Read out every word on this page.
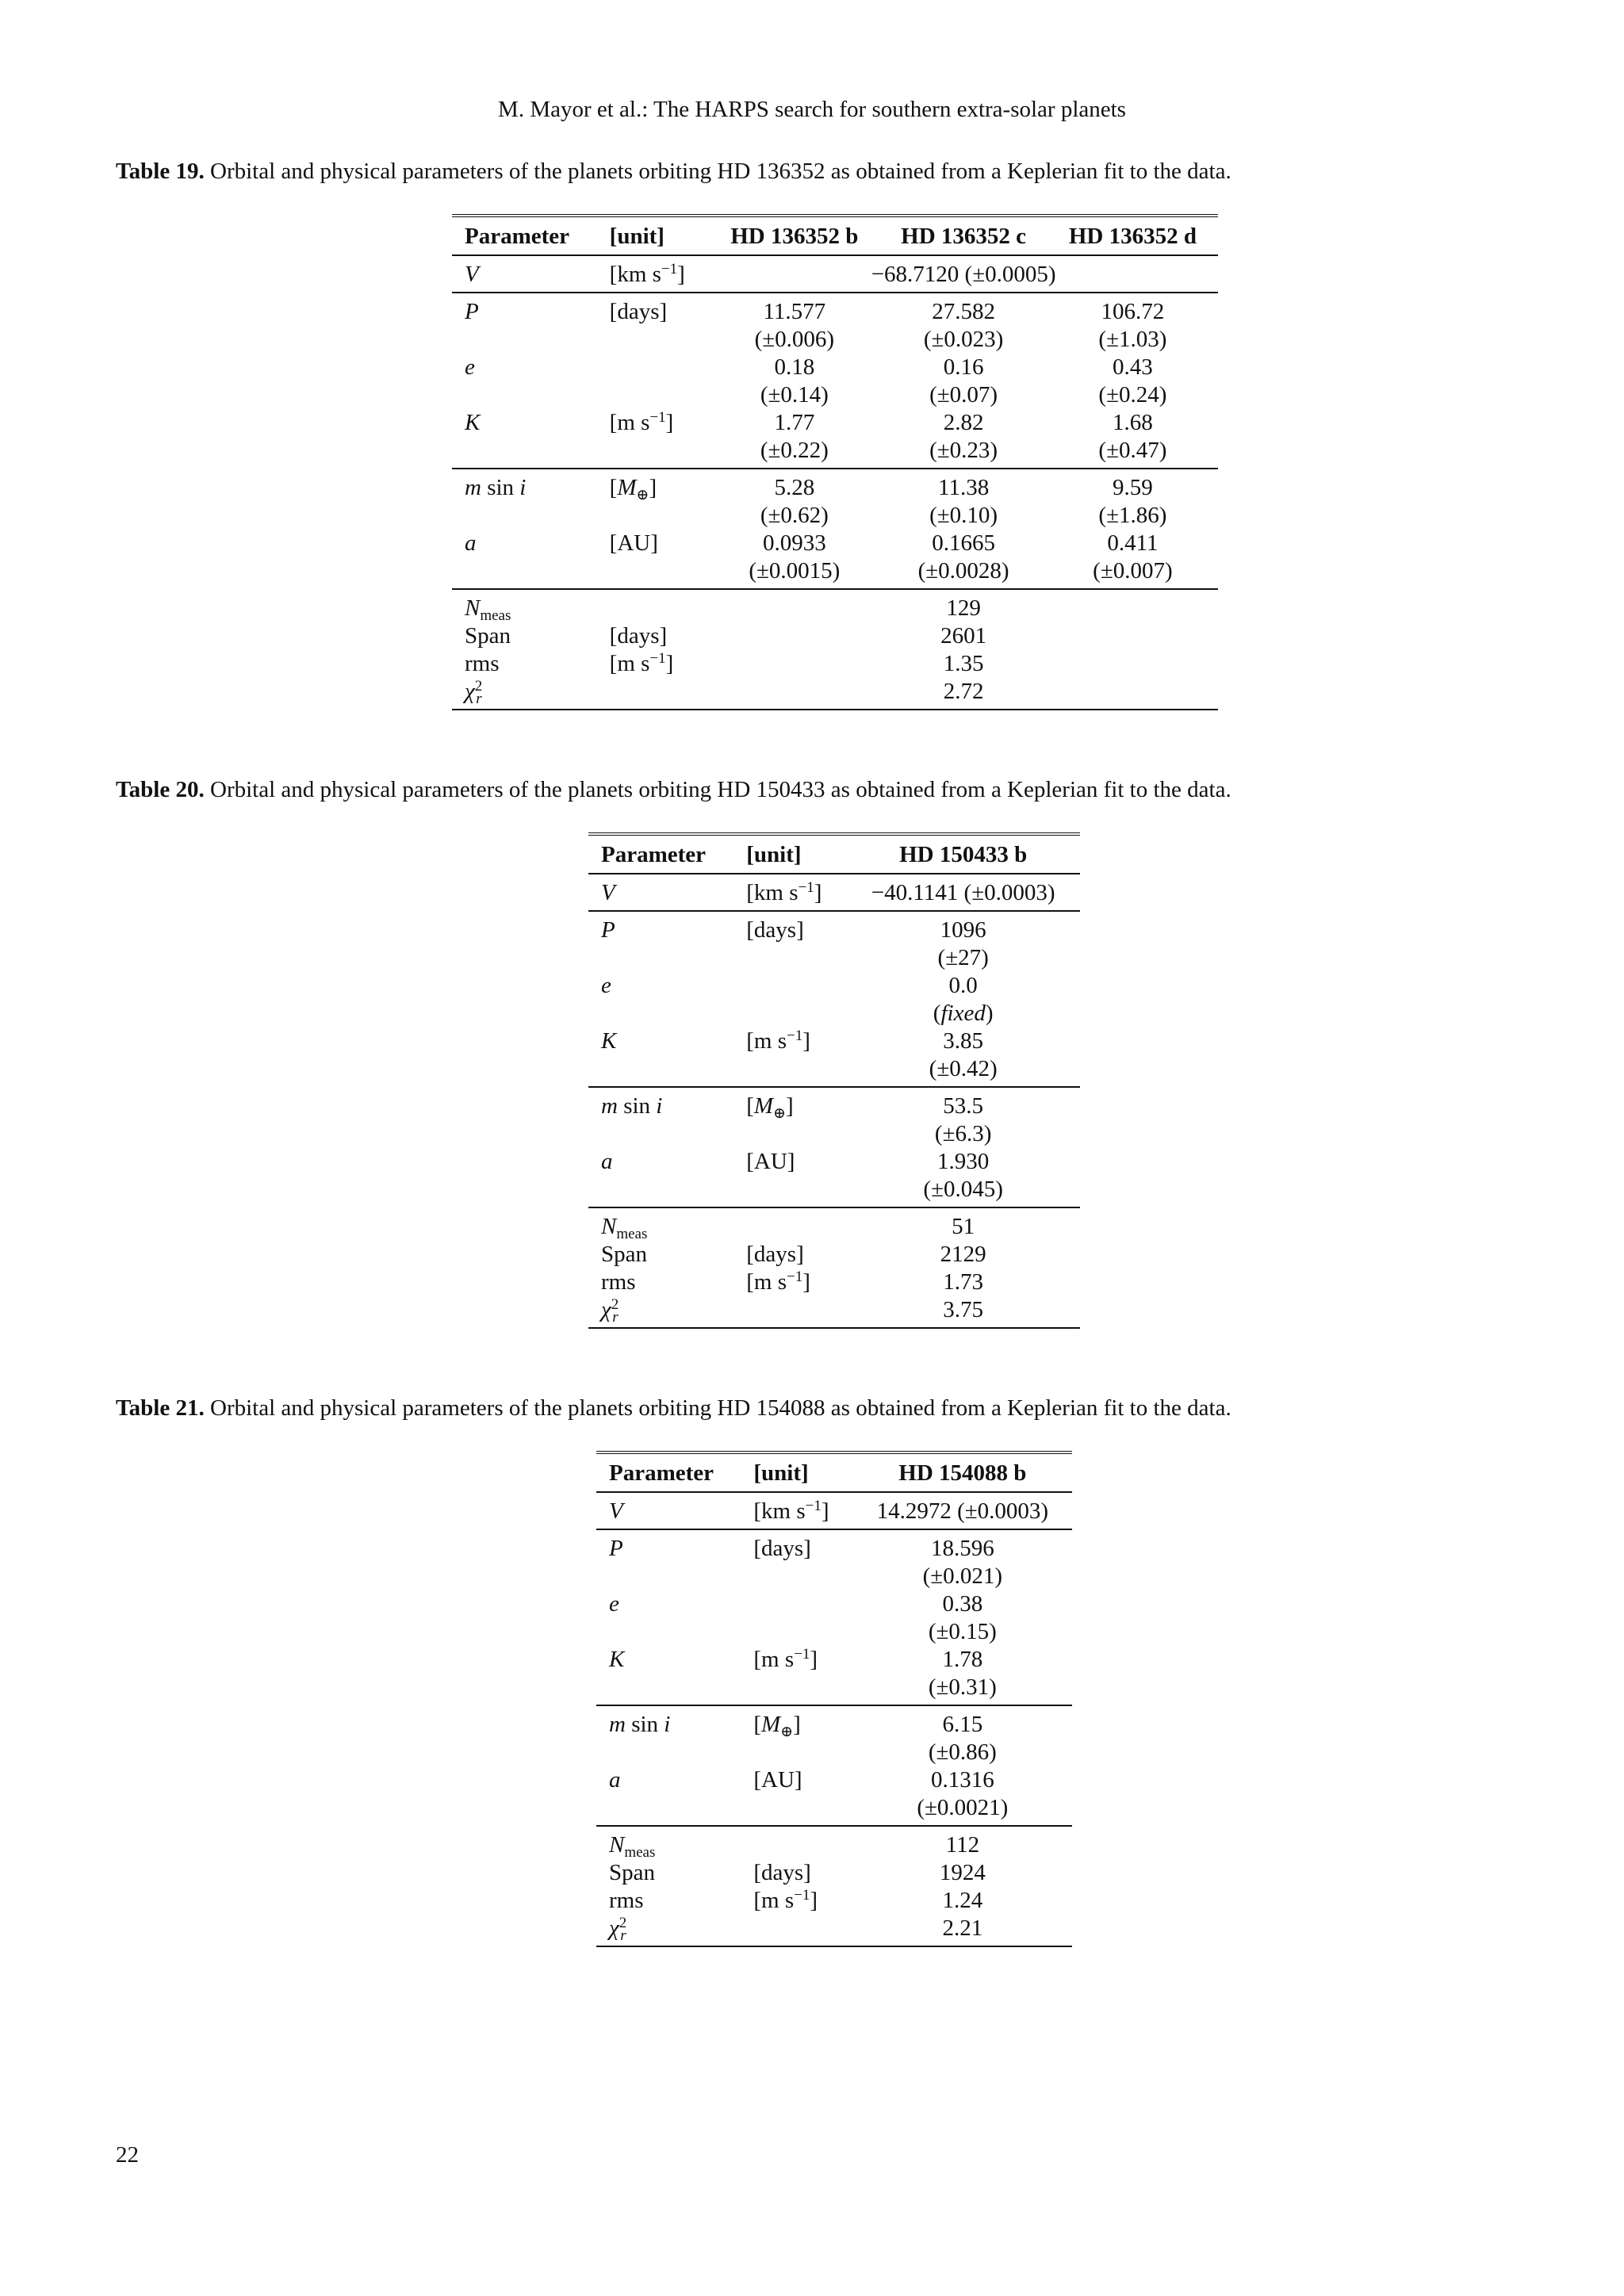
M. Mayor et al.: The HARPS search for southern extra-solar planets
Table 19. Orbital and physical parameters of the planets orbiting HD 136352 as obtained from a Keplerian fit to the data.
Parameter	[unit]	HD 136352 b	HD 136352 c	HD 136352 d
V	[km $s^{-1}$]	−68.7120 (±0.0005)		
P	[days]	11.577	27.582	106.72
		(±0.006)	(±0.023)	(±1.03)
e		0.18	0.16	0.43
		(±0.14)	(±0.07)	(±0.24)
K	[m $s^{-1}$]	1.77	2.82	1.68
		(±0.22)	(±0.23)	(±0.47)
m sin i	$[M_\oplus]$	5.28	11.38	9.59
		(±0.62)	(±0.10)	(±1.86)
a	[AU]	0.0933	0.1665	0.411
		(±0.0015)	(±0.0028)	(±0.007)
$N_{meas}$		129		
Span	[days]	2601		
rms	[m $s^{-1}$]	1.35		
$\chi^2_r$		2.72		
Table 20. Orbital and physical parameters of the planets orbiting HD 150433 as obtained from a Keplerian fit to the data.
Parameter	[unit]	HD 150433 b
V	[km $s^{-1}$]	−40.1141 (±0.0003)
P	[days]	1096
		(±27)
e		0.0
		(fixed)
K	[m $s^{-1}$]	3.85
		(±0.42)
m sin i	$[M_\oplus]$	53.5
		(±6.3)
a	[AU]	1.930
		(±0.045)
$N_{meas}$		51
Span	[days]	2129
rms	[m $s^{-1}$]	1.73
$\chi^2_r$		3.75
Table 21. Orbital and physical parameters of the planets orbiting HD 154088 as obtained from a Keplerian fit to the data.
Parameter	[unit]	HD 154088 b
V	[km $s^{-1}$]	14.2972 (±0.0003)
P	[days]	18.596
		(±0.021)
e		0.38
		(±0.15)
K	[m $s^{-1}$]	1.78
		(±0.31)
m sin i	$[M_\oplus]$	6.15
		(±0.86)
a	[AU]	0.1316
		(±0.0021)
$N_{meas}$		112
Span	[days]	1924
rms	[m $s^{-1}$]	1.24
$\chi^2_r$		2.21
22
